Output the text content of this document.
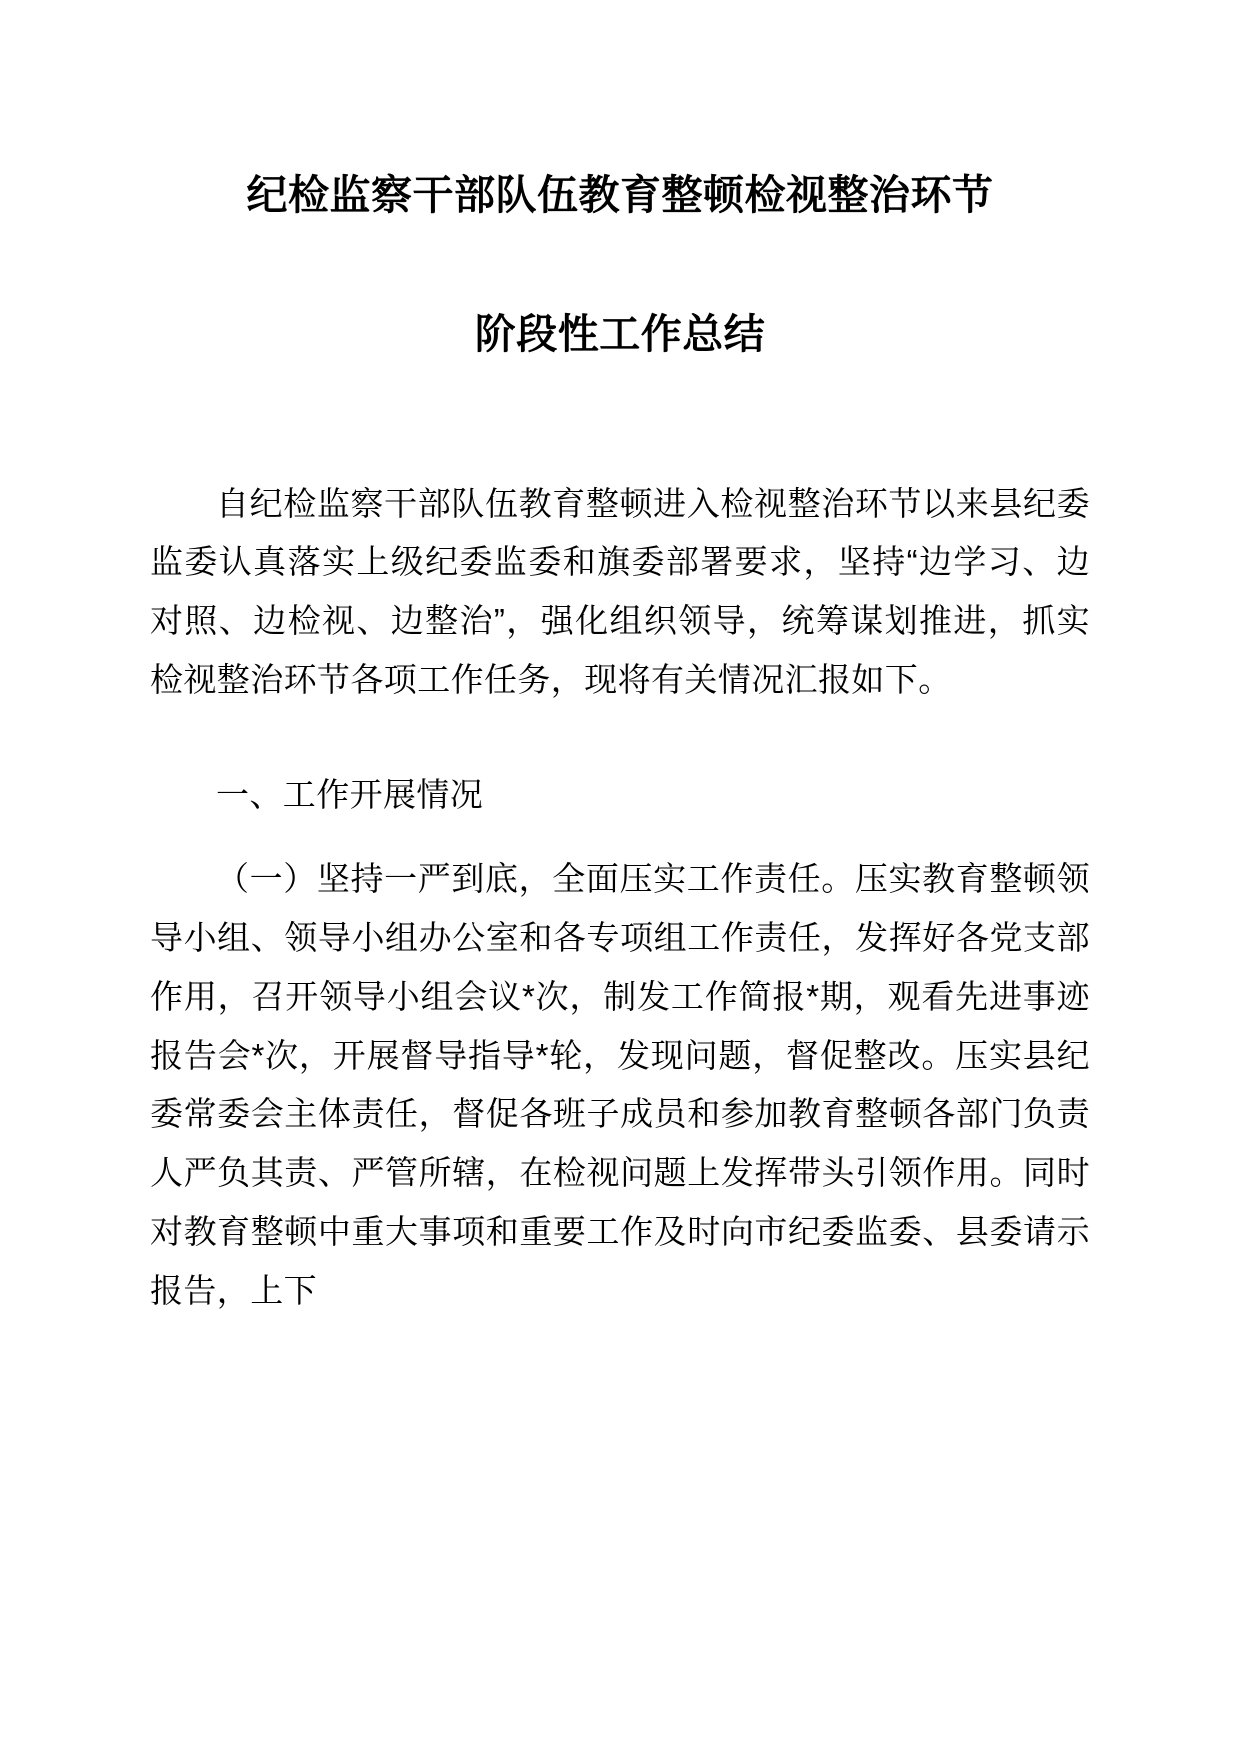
纪检监察干部队伍教育整顿检视整治环节
阶段性工作总结

自纪检监察干部队伍教育整顿进入检视整治环节以来县纪委监委认真落实上级纪委监委和旗委部署要求，坚持“边学习、边对照、边检视、边整治”，强化组织领导，统筹谋划推进，抓实检视整治环节各项工作任务，现将有关情况汇报如下。

一、工作开展情况

（一）坚持一严到底，全面压实工作责任。压实教育整顿领导小组、领导小组办公室和各专项组工作责任，发挥好各党支部作用，召开领导小组会议*次，制发工作简报*期，观看先进事迹报告会*次，开展督导指导*轮，发现问题，督促整改。压实县纪委常委会主体责任，督促各班子成员和参加教育整顿各部门负责人严负其责、严管所辖，在检视问题上发挥带头引领作用。同时对教育整顿中重大事项和重要工作及时向市纪委监委、县委请示报告，上下
